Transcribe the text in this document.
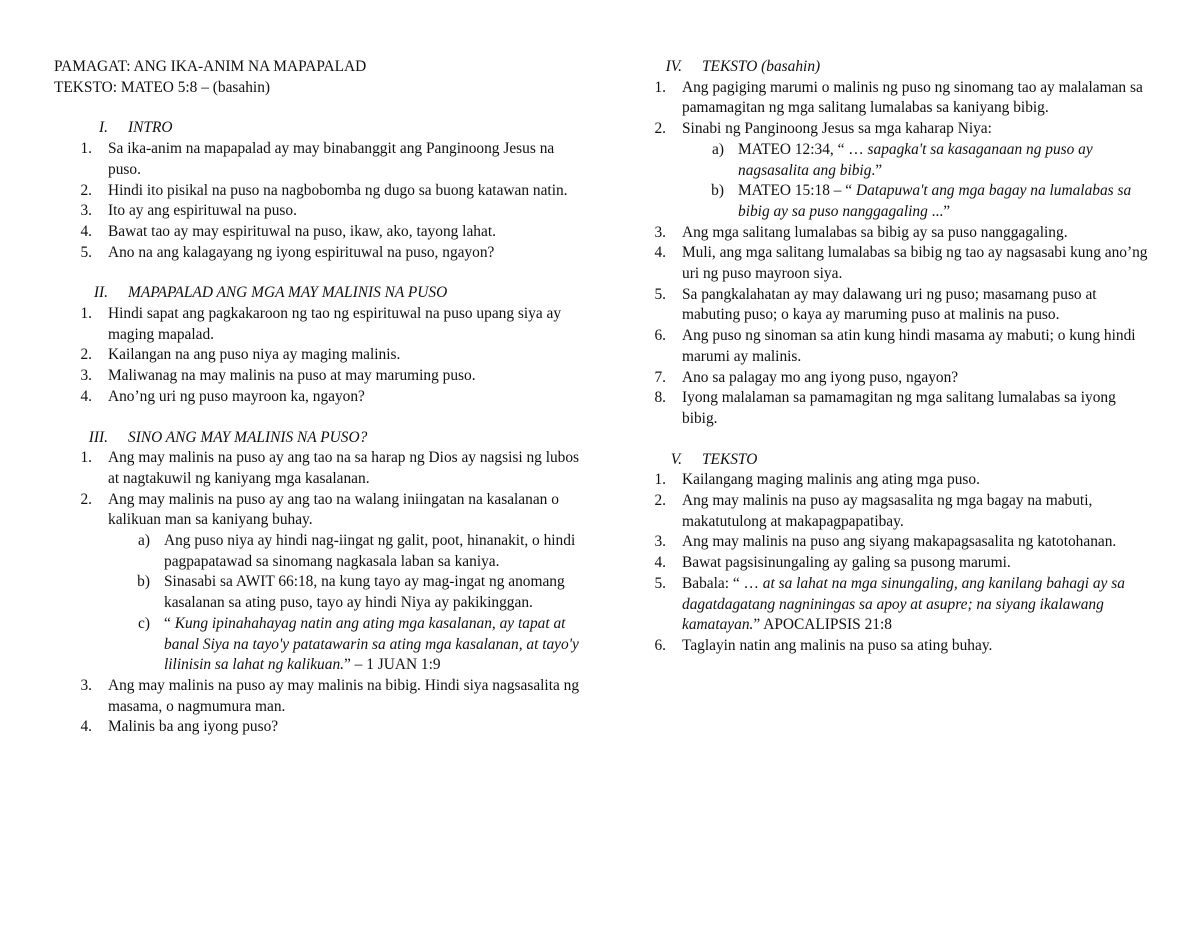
PAMAGAT: ANG IKA-ANIM NA MAPAPALAD

TEKSTO: MATEO 5:8 – (basahin)

I.	INTRO
1.	Sa ika-anim na mapapalad ay may binabanggit ang Panginoong Jesus na puso.
2.	Hindi ito pisikal na puso na nagbobomba ng dugo sa buong katawan natin.
3.	Ito ay ang espirituwal na puso.
4.	Bawat tao ay may espirituwal na puso, ikaw, ako, tayong lahat.
5.	Ano na ang kalagayang ng iyong espirituwal na puso, ngayon?
II.	MAPAPALAD ANG MGA MAY MALINIS NA PUSO
1.	Hindi sapat ang pagkakaroon ng tao ng espirituwal na puso upang siya ay maging mapalad.
2.	Kailangan na ang puso niya ay maging malinis.
3.	Maliwanag na may malinis na puso at may maruming puso.
4.	Ano’ng uri ng puso mayroon ka, ngayon?
III.	SINO ANG MAY MALINIS NA PUSO?
1.	Ang may malinis na puso ay ang tao na sa harap ng Dios ay nagsisi ng lubos at nagtakuwil ng kaniyang mga kasalanan.
2.	Ang may malinis na puso ay ang tao na walang iniingatan na kasalanan o kalikuan man sa kaniyang buhay.
a) Ang puso niya ay hindi nag-iingat ng galit, poot, hinanakit, o hindi pagpapatawad sa sinomang nagkasala laban sa kaniya.
b) Sinasabi sa AWIT 66:18, na kung tayo ay mag-ingat ng anomang kasalanan sa ating puso, tayo ay hindi Niya ay pakikinggan.
c) “ Kung ipinahahayag natin ang ating mga kasalanan, ay tapat at banal Siya na tayo'y patatawarin sa ating mga kasalanan, at tayo'y lilinisin sa lahat ng kalikuan.” – 1 JUAN 1:9
3.	Ang may malinis na puso ay may malinis na bibig. Hindi siya nagsasalita ng masama, o nagmumura man.
4.	Malinis ba ang iyong puso?
IV.	TEKSTO (basahin)
1.	Ang pagiging marumi o malinis ng puso ng sinomang tao ay malalaman sa pamamagitan ng mga salitang lumalabas sa kaniyang bibig.
2.	Sinabi ng Panginoong Jesus sa mga kaharap Niya:
a) MATEO 12:34, “ … sapagka't sa kasaganaan ng puso ay nagsasalita ang bibig.”
b) MATEO 15:18 – “ Datapuwa't ang mga bagay na lumalabas sa bibig ay sa puso nanggagaling ...”
3.	Ang mga salitang lumalabas sa bibig ay sa puso nanggagaling.
4.	Muli, ang mga salitang lumalabas sa bibig ng tao ay nagsasabi kung ano’ng uri ng puso mayroon siya.
5.	Sa pangkalahatan ay may dalawang uri ng puso; masamang puso at mabuting puso; o kaya ay maruming puso at malinis na puso.
6.	Ang puso ng sinoman sa atin kung hindi masama ay mabuti; o kung hindi marumi ay malinis.
7.	Ano sa palagay mo ang iyong puso, ngayon?
8.	Iyong malalaman sa pamamagitan ng mga salitang lumalabas sa iyong bibig.
V.	TEKSTO
1.	Kailangang maging malinis ang ating mga puso.
2.	Ang may malinis na puso ay magsasalita ng mga bagay na mabuti, makatutulong at makapagpapatibay.
3.	Ang may malinis na puso ang siyang makapagsasalita ng katotohanan.
4.	Bawat pagsisinungaling ay galing sa pusong marumi.
5.	Babala: “ … at sa lahat na mga sinungaling, ang kanilang bahagi ay sa dagatdagatang nagniningas sa apoy at asupre; na siyang ikalawang kamatayan.” APOCALIPSIS 21:8
6.	Taglayin natin ang malinis na puso sa ating buhay.
